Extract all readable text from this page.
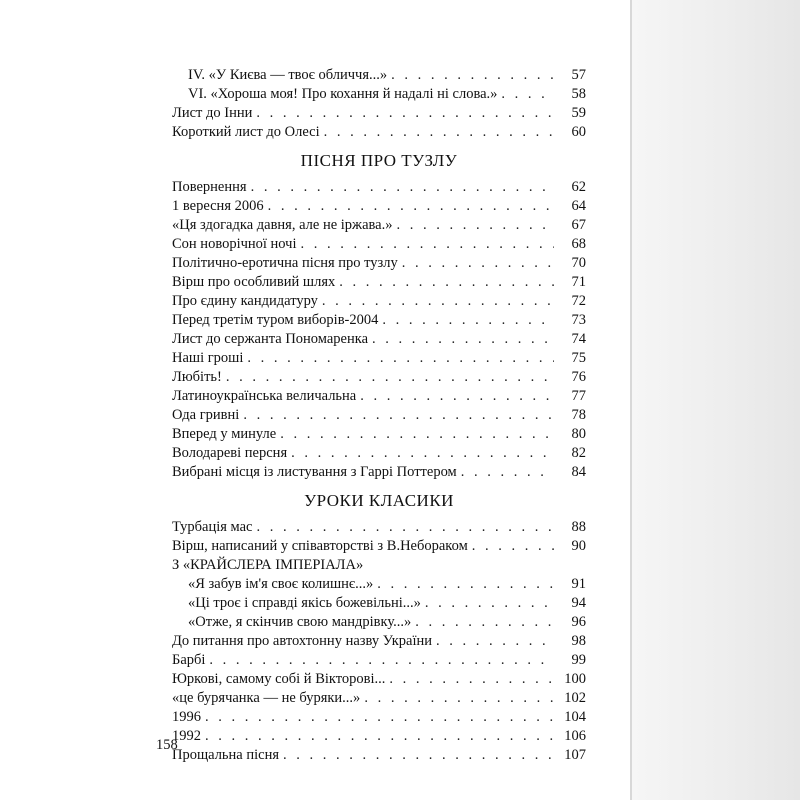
IV. «У Києва — твоє обличчя...» . . .	57
VI. «Хороша моя! Про кохання й надалі ні слова.» . . .	58
Лист до Інни . . .	59
Короткий лист до Олесі . . .	60
ПІСНЯ ПРО ТУЗЛУ
Повернення . . .	62
1 вересня 2006 . . .	64
«Ця здогадка давня, але не іржава.» . . .	67
Сон новорічної ночі . . .	68
Політично-еротична пісня про тузлу . . .	70
Вірш про особливий шлях . . .	71
Про єдину кандидатуру . . .	72
Перед третім туром виборів-2004 . . .	73
Лист до сержанта Пономаренка . . .	74
Наші гроші . . .	75
Любіть! . . .	76
Латиноукраїнська величальна . . .	77
Ода гривні . . .	78
Вперед у минуле . . .	80
Володареві персня . . .	82
Вибрані місця із листування з Гаррі Поттером . . .	84
УРОКИ КЛАСИКИ
Турбація мас . . .	88
Вірш, написаний у співавторстві з В.Небораком . . .	90
З «КРАЙСЛЕРА ІМПЕРІАЛА»
«Я забув ім'я своє колишнє...» . . .	91
«Ці троє і справді якісь божевільні...» . . .	94
«Отже, я скінчив свою мандрівку...» . . .	96
До питання про автохтонну назву України . . .	98
Барбі . . .	99
Юркові, самому собі й Вікторові... . . .	100
«це бурячанка — не буряки...» . . .	102
1996 . . .	104
1992 . . .	106
Прощальна пісня . . .	107
158
